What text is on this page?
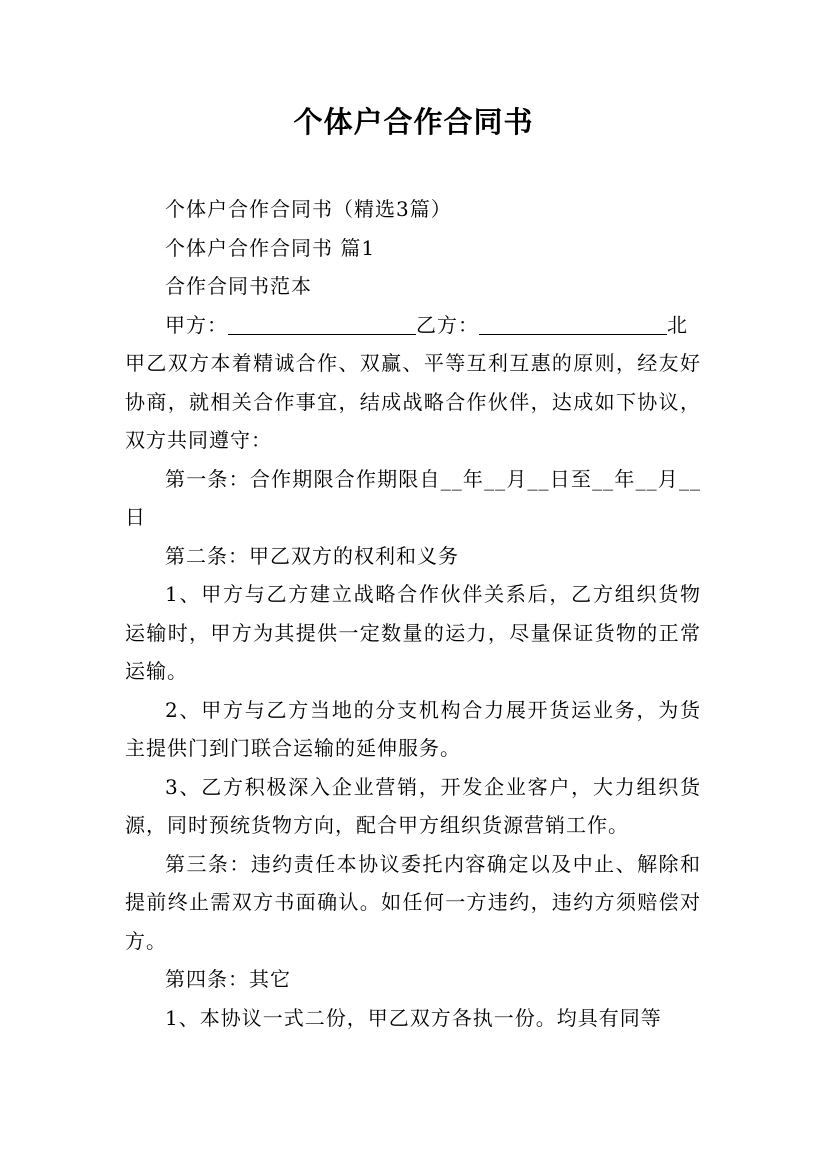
个体户合作合同书

个体户合作合同书（精选3篇）

个体户合作合同书 篇1

合作合同书范本

甲方：	乙方：	北

甲乙双方本着精诚合作、双赢、平等互利互惠的原则，经友好协商，就相关合作事宜，结成战略合作伙伴，达成如下协议，双方共同遵守：

第一条：合作期限合作期限自__年__月__日至__年__月__日

第二条：甲乙双方的权利和义务

1、甲方与乙方建立战略合作伙伴关系后，乙方组织货物运输时，甲方为其提供一定数量的运力，尽量保证货物的正常运输。

2、甲方与乙方当地的分支机构合力展开货运业务，为货主提供门到门联合运输的延伸服务。

3、乙方积极深入企业营销，开发企业客户，大力组织货源，同时预统货物方向，配合甲方组织货源营销工作。

第三条：违约责任本协议委托内容确定以及中止、解除和提前终止需双方书面确认。如任何一方违约，违约方须赔偿对方。

第四条：其它

1、本协议一式二份，甲乙双方各执一份。均具有同等
